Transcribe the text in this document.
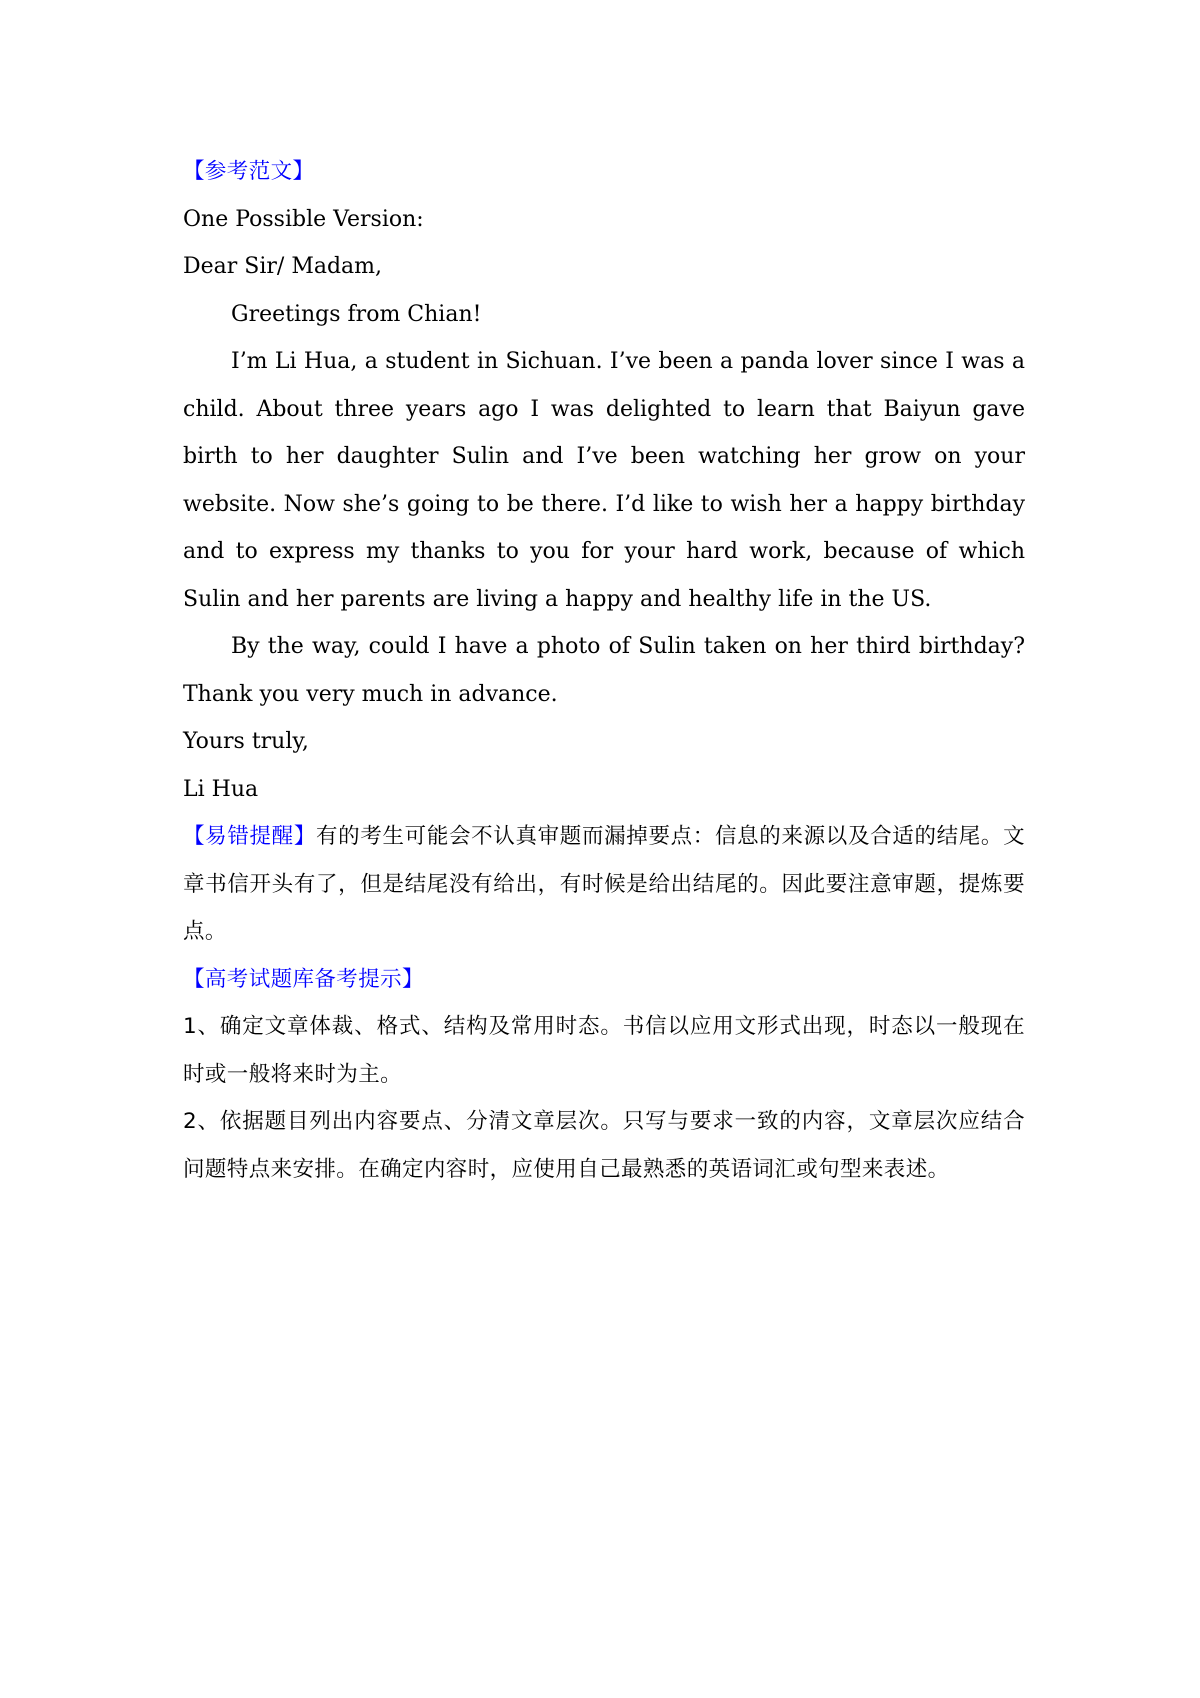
【参考范文】

One Possible Version:

Dear Sir/ Madam,

Greetings from Chian!

I’m Li Hua, a student in Sichuan. I’ve been a panda lover since I was a child. About three years ago I was delighted to learn that Baiyun gave birth to her daughter Sulin and I’ve been watching her grow on your website. Now she’s going to be there. I’d like to wish her a happy birthday and to express my thanks to you for your hard work, because of which Sulin and her parents are living a happy and healthy life in the US.

By the way, could I have a photo of Sulin taken on her third birthday? Thank you very much in advance.

Yours truly,

Li Hua

【易错提醒】有的考生可能会不认真审题而漏掉要点：信息的来源以及合适的结尾。文章书信开头有了，但是结尾没有给出，有时候是给出结尾的。因此要注意审题，提炼要点。

【高考试题库备考提示】

1、确定文章体裁、格式、结构及常用时态。书信以应用文形式出现，时态以一般现在时或一般将来时为主。

2、依据题目列出内容要点、分清文章层次。只写与要求一致的内容，文章层次应结合问题特点来安排。在确定内容时，应使用自己最熟悉的英语词汇或句型来表述。
